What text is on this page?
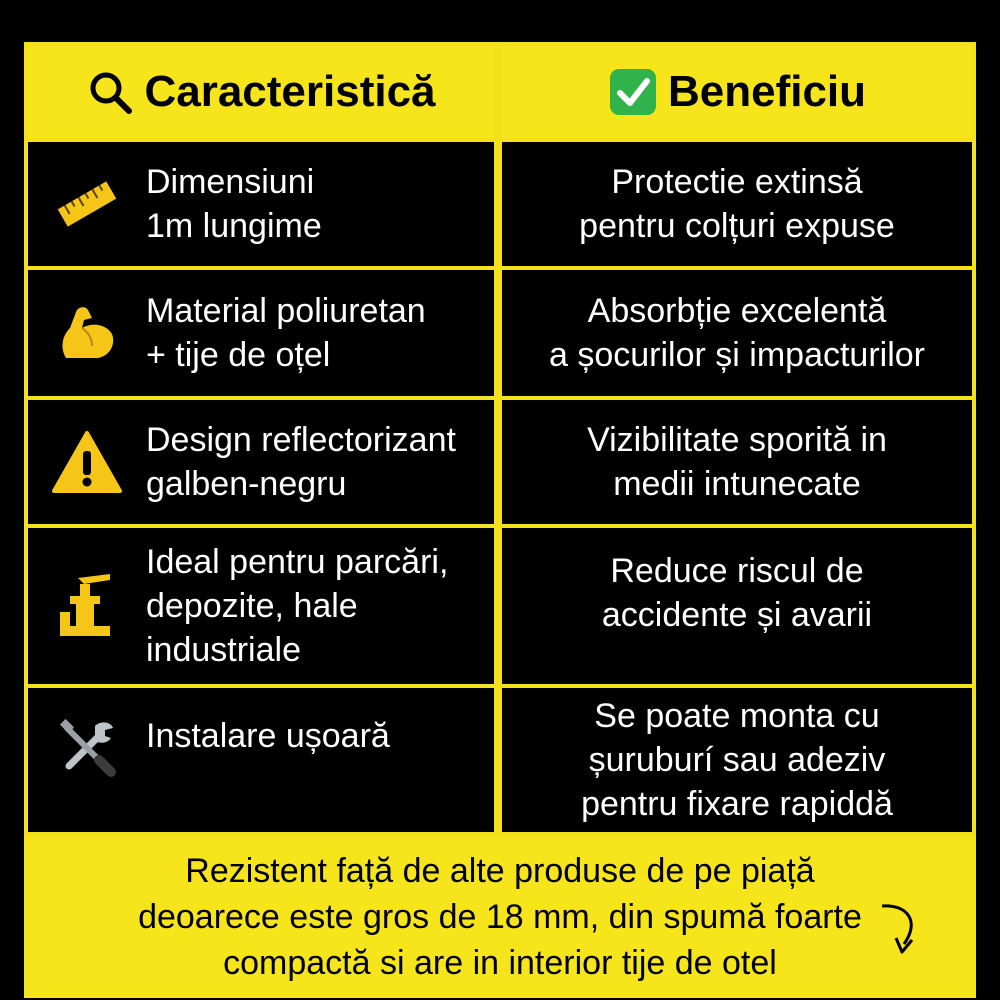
Caracteristică	Beneficiu
Dimensiuni
1m lungime
Protectie extinsă
pentru colțuri expuse
Material poliuretan
+ tije de oțel
Absorbție excelentă
a șocurilor și impacturilor
Design reflectorizant
galben-negru
Vizibilitate sporită in
medii intunecate
Ideal pentru parcări,
depozite, hale
industriale
Reduce riscul de
accidente și avarii
Instalare ușoară
Se poate monta cu
șuruburí sau adeziv
pentru fixare rapiddă
Rezistent față de alte produse de pe piață
deoarece este gros de 18 mm, din spumă foarte
compactă si are in interior tije de otel
